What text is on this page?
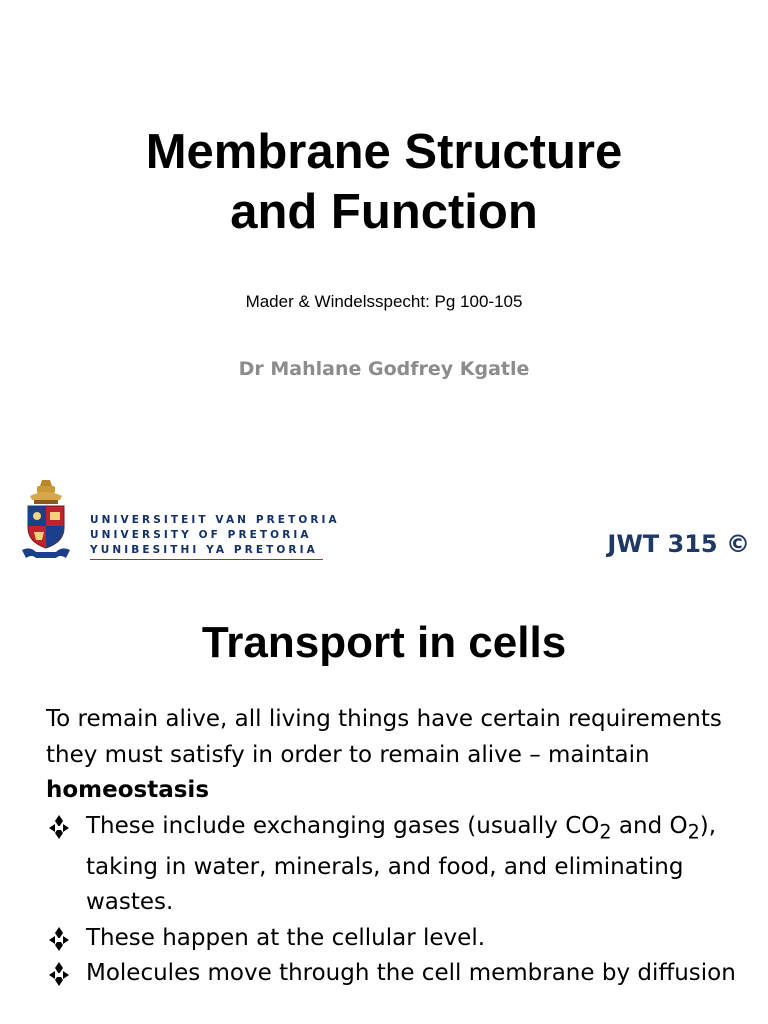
Membrane Structure
and Function
Mader & Windelsspecht: Pg 100-105
Dr Mahlane Godfrey Kgatle
UNIVERSITEIT VAN PRETORIA
UNIVERSITY OF PRETORIA
YUNIBESITHI YA PRETORIA	JWT 315 ©
Transport in cells

To remain alive, all living things have certain requirements they must satisfy in order to remain alive – maintain homeostasis

These include exchanging gases (usually $CO_2$ and $O_2$), taking in water, minerals, and food, and eliminating wastes.
These happen at the cellular level.
Molecules move through the cell membrane by diffusion
